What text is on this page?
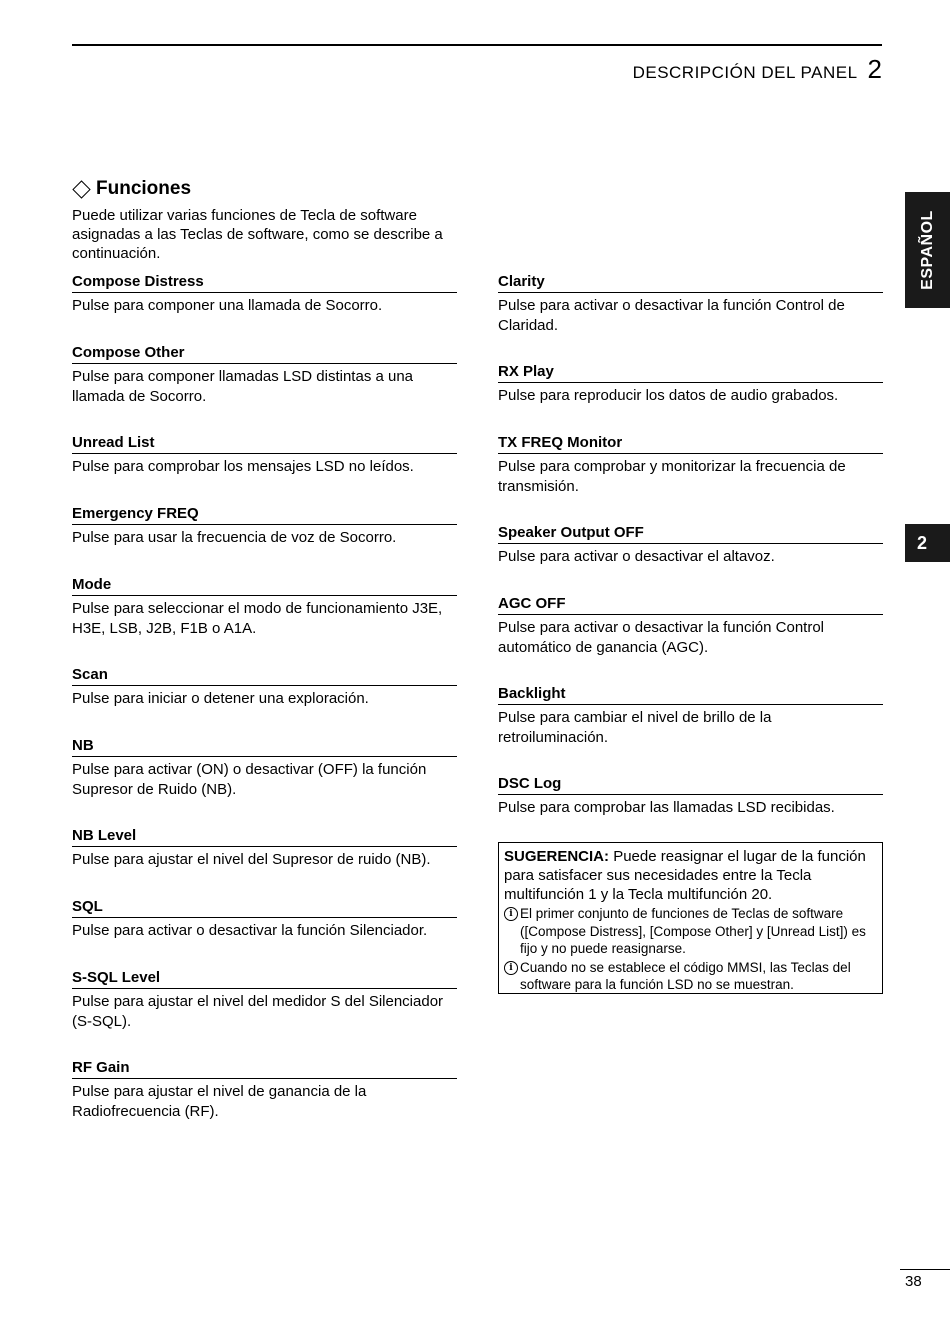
DESCRIPCIÓN DEL PANEL 2
ESPAÑOL
2
Funciones
Puede utilizar varias funciones de Tecla de software asignadas a las Teclas de software, como se describe a continuación.
Compose Distress
Pulse para componer una llamada de Socorro.
Compose Other
Pulse para componer llamadas LSD distintas a una llamada de Socorro.
Unread List
Pulse para comprobar los mensajes LSD no leídos.
Emergency FREQ
Pulse para usar la frecuencia de voz de Socorro.
Mode
Pulse para seleccionar el modo de funcionamiento J3E, H3E, LSB, J2B, F1B o A1A.
Scan
Pulse para iniciar o detener una exploración.
NB
Pulse para activar (ON) o desactivar (OFF) la función Supresor de Ruido (NB).
NB Level
Pulse para ajustar el nivel del Supresor de ruido (NB).
SQL
Pulse para activar o desactivar la función Silenciador.
S-SQL Level
Pulse para ajustar el nivel del medidor S del Silenciador (S-SQL).
RF Gain
Pulse para ajustar el nivel de ganancia de la Radiofrecuencia (RF).
Clarity
Pulse para activar o desactivar la función Control de Claridad.
RX Play
Pulse para reproducir los datos de audio grabados.
TX FREQ Monitor
Pulse para comprobar y monitorizar la frecuencia de transmisión.
Speaker Output OFF
Pulse para activar o desactivar el altavoz.
AGC OFF
Pulse para activar o desactivar la función Control automático de ganancia (AGC).
Backlight
Pulse para cambiar el nivel de brillo de la retroiluminación.
DSC Log
Pulse para comprobar las llamadas LSD recibidas.
SUGERENCIA: Puede reasignar el lugar de la función para satisfacer sus necesidades entre la Tecla multifunción 1 y la Tecla multifunción 20.
i El primer conjunto de funciones de Teclas de software ([Compose Distress], [Compose Other] y [Unread List]) es fijo y no puede reasignarse.
i Cuando no se establece el código MMSI, las Teclas del software para la función LSD no se muestran.
38
